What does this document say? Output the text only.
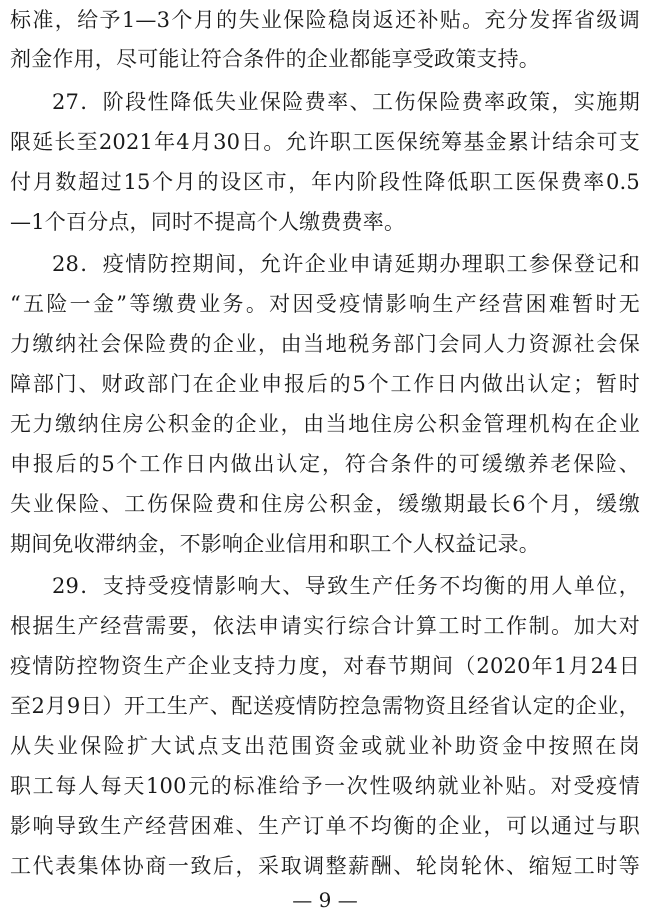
标准，给予1—3个月的失业保险稳岗返还补贴。充分发挥省级调
剂金作用，尽可能让符合条件的企业都能享受政策支持。
27．阶段性降低失业保险费率、工伤保险费率政策，实施期
限延长至2021年4月30日。允许职工医保统筹基金累计结余可支
付月数超过15个月的设区市，年内阶段性降低职工医保费率0.5
—1个百分点，同时不提高个人缴费费率。
28．疫情防控期间，允许企业申请延期办理职工参保登记和
“五险一金”等缴费业务。对因受疫情影响生产经营困难暂时无
力缴纳社会保险费的企业，由当地税务部门会同人力资源社会保
障部门、财政部门在企业申报后的5个工作日内做出认定；暂时
无力缴纳住房公积金的企业，由当地住房公积金管理机构在企业
申报后的5个工作日内做出认定，符合条件的可缓缴养老保险、
失业保险、工伤保险费和住房公积金，缓缴期最长6个月，缓缴
期间免收滞纳金，不影响企业信用和职工个人权益记录。
29．支持受疫情影响大、导致生产任务不均衡的用人单位，
根据生产经营需要，依法申请实行综合计算工时工作制。加大对
疫情防控物资生产企业支持力度，对春节期间（2020年1月24日
至2月9日）开工生产、配送疫情防控急需物资且经省认定的企业，
从失业保险扩大试点支出范围资金或就业补助资金中按照在岗
职工每人每天100元的标准给予一次性吸纳就业补贴。对受疫情
影响导致生产经营困难、生产订单不均衡的企业，可以通过与职
工代表集体协商一致后，采取调整薪酬、轮岗轮休、缩短工时等
— 9 —
